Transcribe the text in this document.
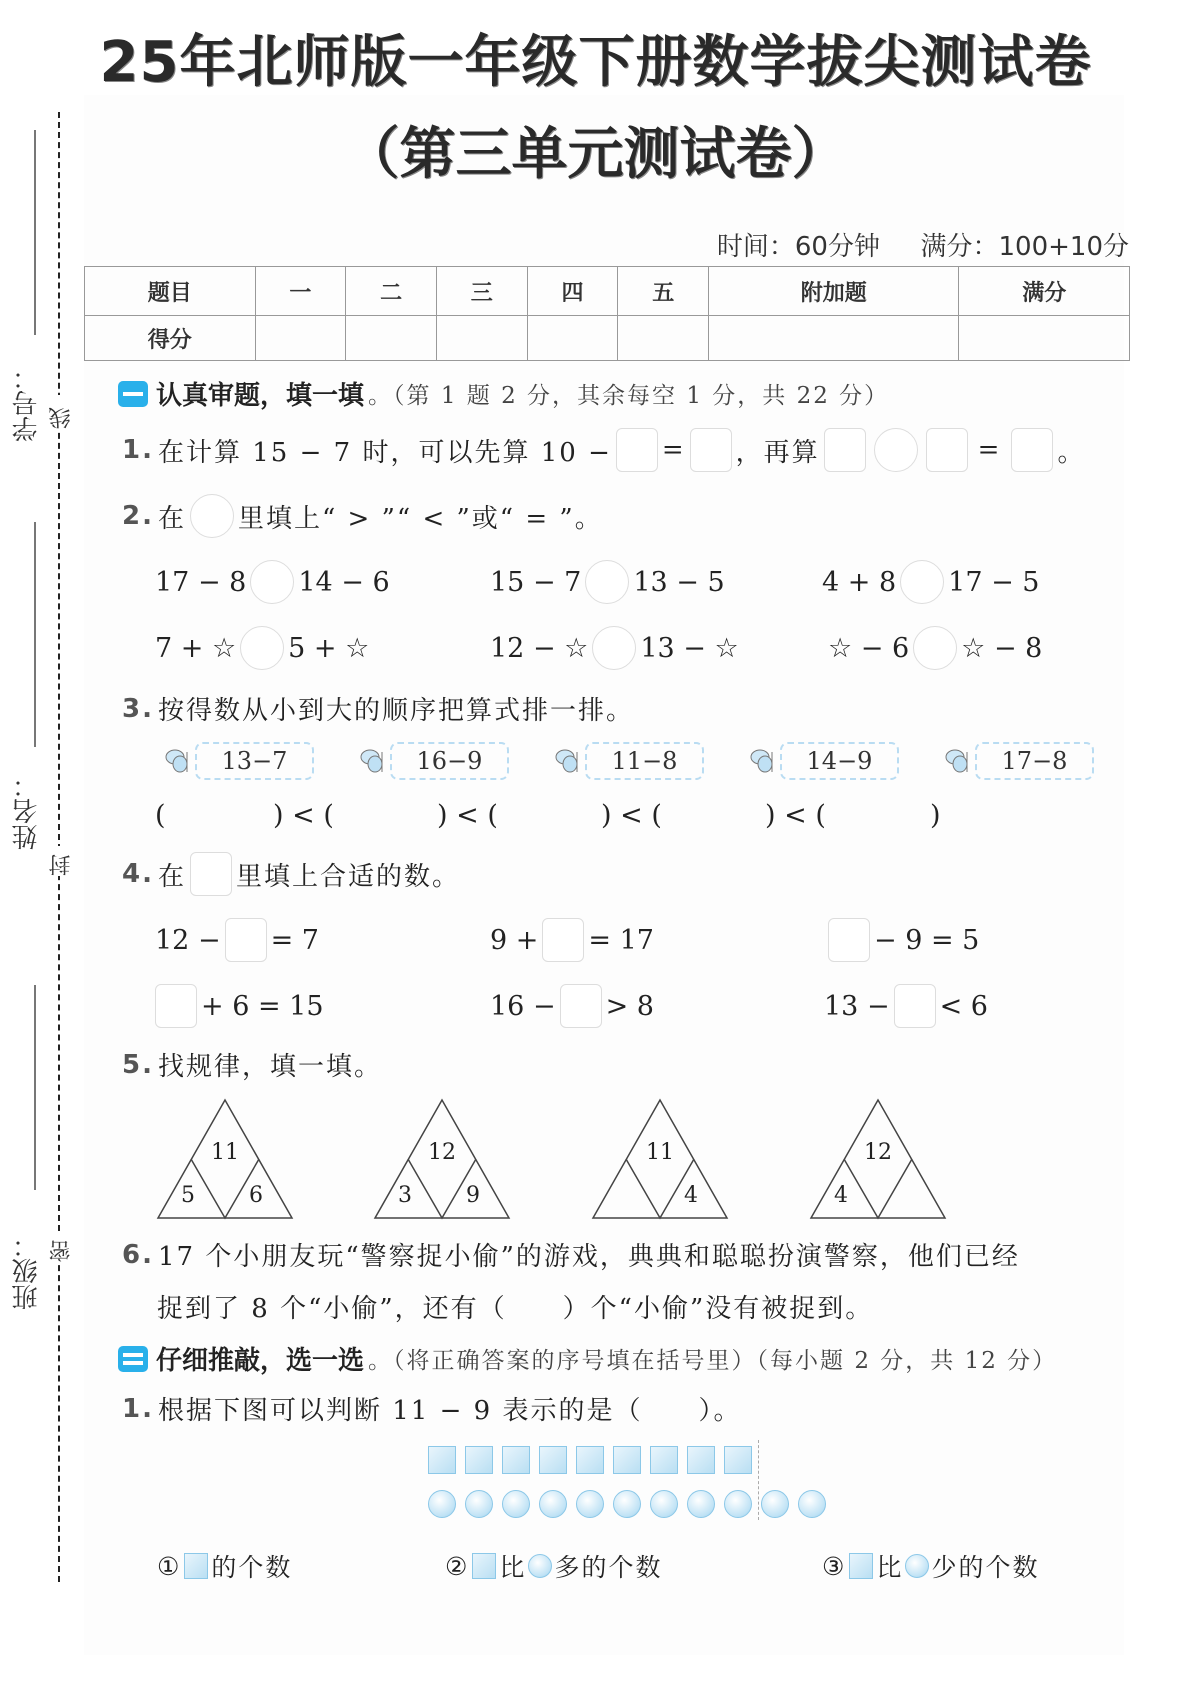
25年北师版一年级下册数学拔尖测试卷
（第三单元测试卷）
学号： 线
姓名：
封
班级： 密
时间：60分钟 满分：100+10分
题目	一	二	三	四	五	附加题	满分
得分							
认真审题，填一填 。（第 1 题 2 分，其余每空 1 分，共 22 分）
1. 在计算 15 − 7 时，可以先算 10 − = ，再算	= 。
2. 在 里填上“ > ”“ < ”或“ = ”。
17 − 8 14 − 6	15 − 7 13 − 5	4 + 8 17 − 5
7 + ☆ 5 + ☆	12 − ☆ 13 − ☆	☆ − 6 ☆ − 8
3. 按得数从小到大的顺序把算式排一排。
13−7	16−9	11−8	14−9	17−8
(	) < (	) < (	) < (	) < (	)
4. 在 里填上合适的数。
12 − = 7	9 + = 17	− 9 = 5
+ 6 = 15	16 − > 8	13 − < 6
5. 找规律，填一填。
11
5 6
12
3 9
11
4
12
4
6. 17 个小朋友玩“警察捉小偷”的游戏，典典和聪聪扮演警察，他们已经
捉到了 8 个“小偷”，还有（　　）个“小偷”没有被捉到。
仔细推敲，选一选 。（将正确答案的序号填在括号里）（每小题 2 分，共 12 分）
1. 根据下图可以判断 11 − 9 表示的是（　　）。
① 的个数	② 比 多的个数	③ 比 少的个数
